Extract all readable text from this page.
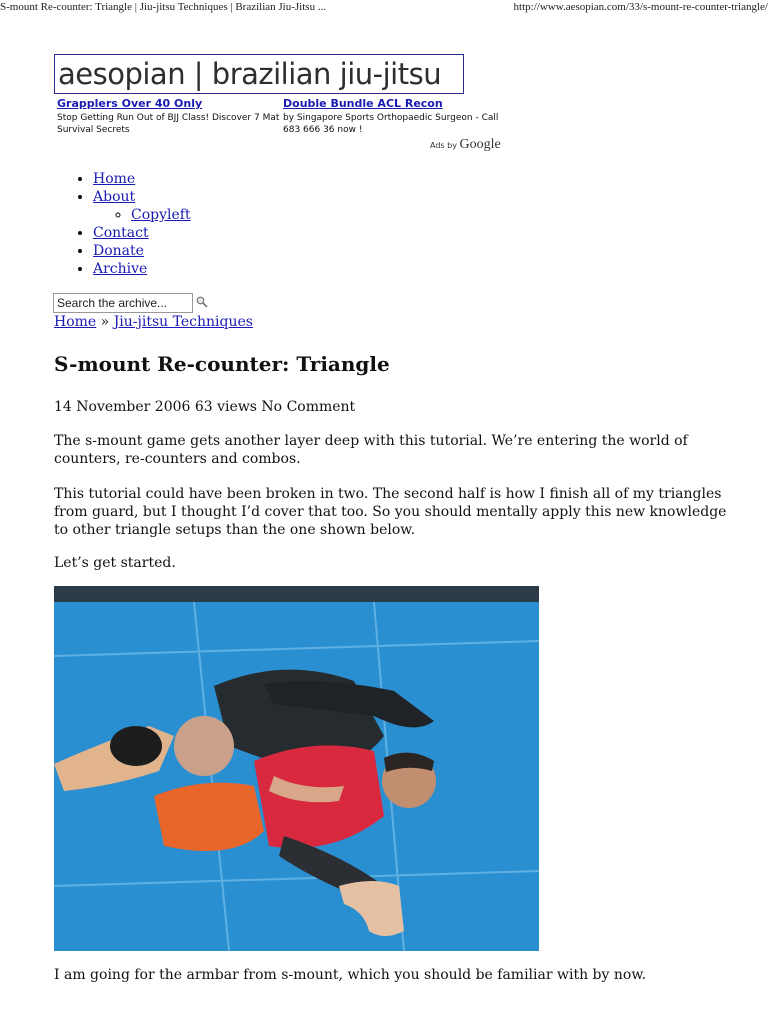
S-mount Re-counter: Triangle | Jiu-jitsu Techniques | Brazilian Jiu-Jitsu ...	http://www.aesopian.com/33/s-mount-re-counter-triangle/
aesopian | brazilian jiu-jitsu
Grapplers Over 40 Only
Stop Getting Run Out of BJJ Class! Discover 7 Mat Survival Secrets
Double Bundle ACL Recon
by Singapore Sports Orthopaedic Surgeon - Call 683 666 36 now !
Ads by Google
• Home
• About
◦ Copyleft
• Contact
• Donate
• Archive
Search the archive...
Home » Jiu-jitsu Techniques
S-mount Re-counter: Triangle
14 November 2006 63 views No Comment

The s-mount game gets another layer deep with this tutorial. We’re entering the world of counters, re-counters and combos.

This tutorial could have been broken in two. The second half is how I finish all of my triangles from guard, but I thought I’d cover that too. So you should mentally apply this new knowledge to other triangle setups than the one shown below.

Let’s get started.

I am going for the armbar from s-mount, which you should be familiar with by now.
